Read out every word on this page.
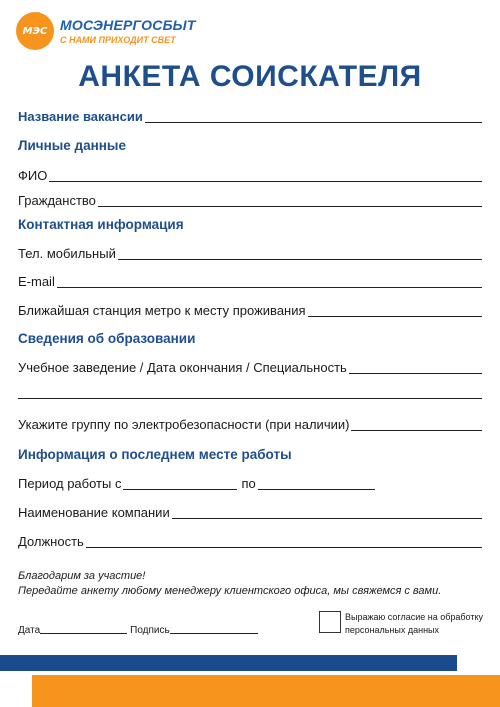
МЭС МОСЭНЕРГОСБЫТ
С НАМИ ПРИХОДИТ СВЕТ
АНКЕТА СОИСКАТЕЛЯ
Название вакансии
Личные данные
ФИО
Гражданство
Контактная информация
Тел. мобильный
E-mail
Ближайшая станция метро к месту проживания
Сведения об образовании
Учебное заведение / Дата окончания / Специальность
Укажите группу по электробезопасности (при наличии)
Информация о последнем месте работы
Период работы с	по
Наименование компании
Должность
Благодарим за участие!
Передайте анкету любому менеджеру клиентского офиса, мы свяжемся с вами.
Дата	Подпись
Выражаю согласие на обработку
персональных данных
